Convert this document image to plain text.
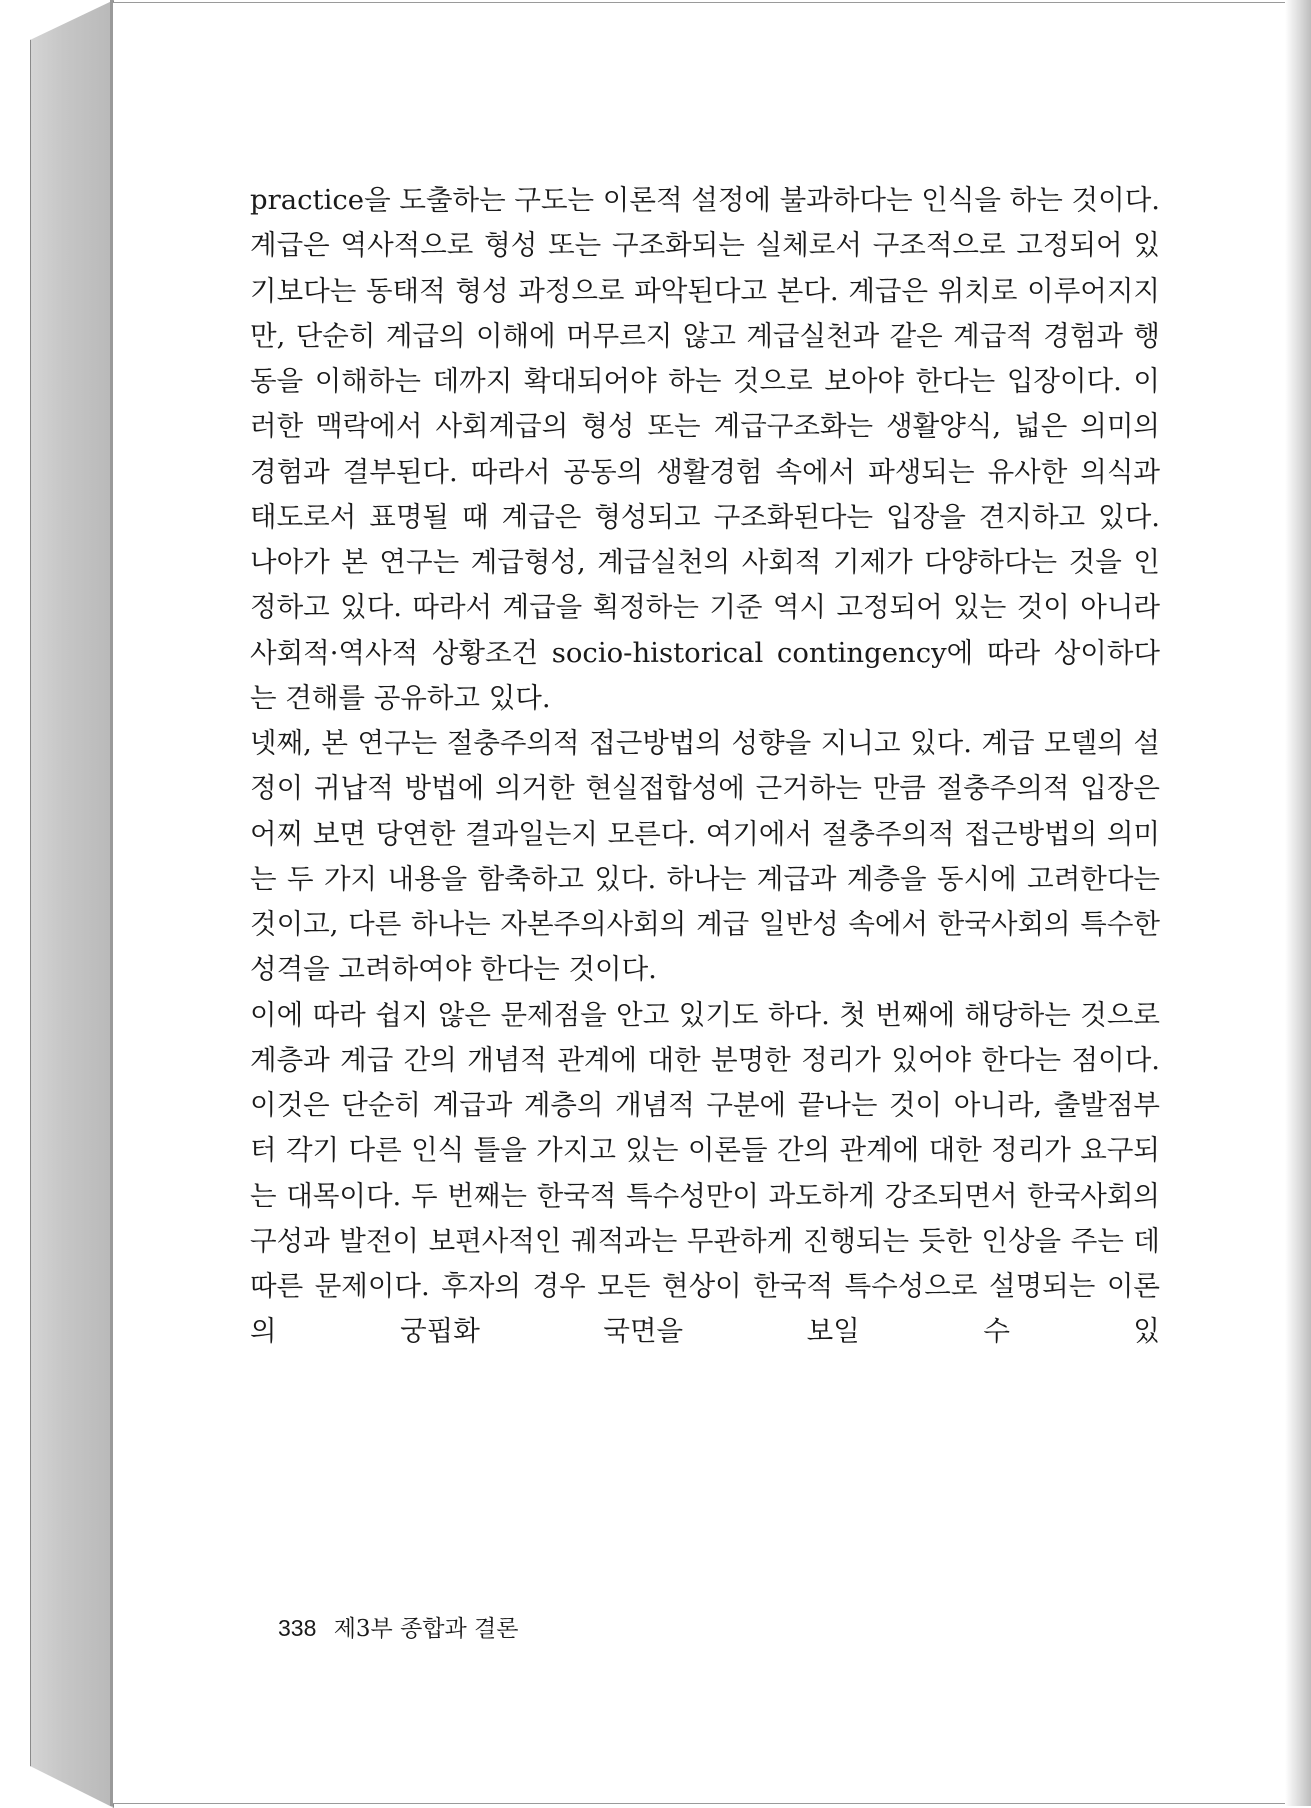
practice을 도출하는 구도는 이론적 설정에 불과하다는 인식을 하는 것이다. 계급은 역사적으로 형성 또는 구조화되는 실체로서 구조적으로 고정되어 있기보다는 동태적 형성 과정으로 파악된다고 본다. 계급은 위치로 이루어지지만, 단순히 계급의 이해에 머무르지 않고 계급실천과 같은 계급적 경험과 행동을 이해하는 데까지 확대되어야 하는 것으로 보아야 한다는 입장이다. 이러한 맥락에서 사회계급의 형성 또는 계급구조화는 생활양식, 넓은 의미의 경험과 결부된다. 따라서 공동의 생활경험 속에서 파생되는 유사한 의식과 태도로서 표명될 때 계급은 형성되고 구조화된다는 입장을 견지하고 있다. 나아가 본 연구는 계급형성, 계급실천의 사회적 기제가 다양하다는 것을 인정하고 있다. 따라서 계급을 획정하는 기준 역시 고정되어 있는 것이 아니라 사회적·역사적 상황조건 socio-historical contingency에 따라 상이하다는 견해를 공유하고 있다.

넷째, 본 연구는 절충주의적 접근방법의 성향을 지니고 있다. 계급 모델의 설정이 귀납적 방법에 의거한 현실접합성에 근거하는 만큼 절충주의적 입장은 어찌 보면 당연한 결과일는지 모른다. 여기에서 절충주의적 접근방법의 의미는 두 가지 내용을 함축하고 있다. 하나는 계급과 계층을 동시에 고려한다는 것이고, 다른 하나는 자본주의사회의 계급 일반성 속에서 한국사회의 특수한 성격을 고려하여야 한다는 것이다.

이에 따라 쉽지 않은 문제점을 안고 있기도 하다. 첫 번째에 해당하는 것으로 계층과 계급 간의 개념적 관계에 대한 분명한 정리가 있어야 한다는 점이다. 이것은 단순히 계급과 계층의 개념적 구분에 끝나는 것이 아니라, 출발점부터 각기 다른 인식 틀을 가지고 있는 이론들 간의 관계에 대한 정리가 요구되는 대목이다. 두 번째는 한국적 특수성만이 과도하게 강조되면서 한국사회의 구성과 발전이 보편사적인 궤적과는 무관하게 진행되는 듯한 인상을 주는 데 따른 문제이다. 후자의 경우 모든 현상이 한국적 특수성으로 설명되는 이론의 궁핍화 국면을 보일 수 있

338 제3부 종합과 결론
